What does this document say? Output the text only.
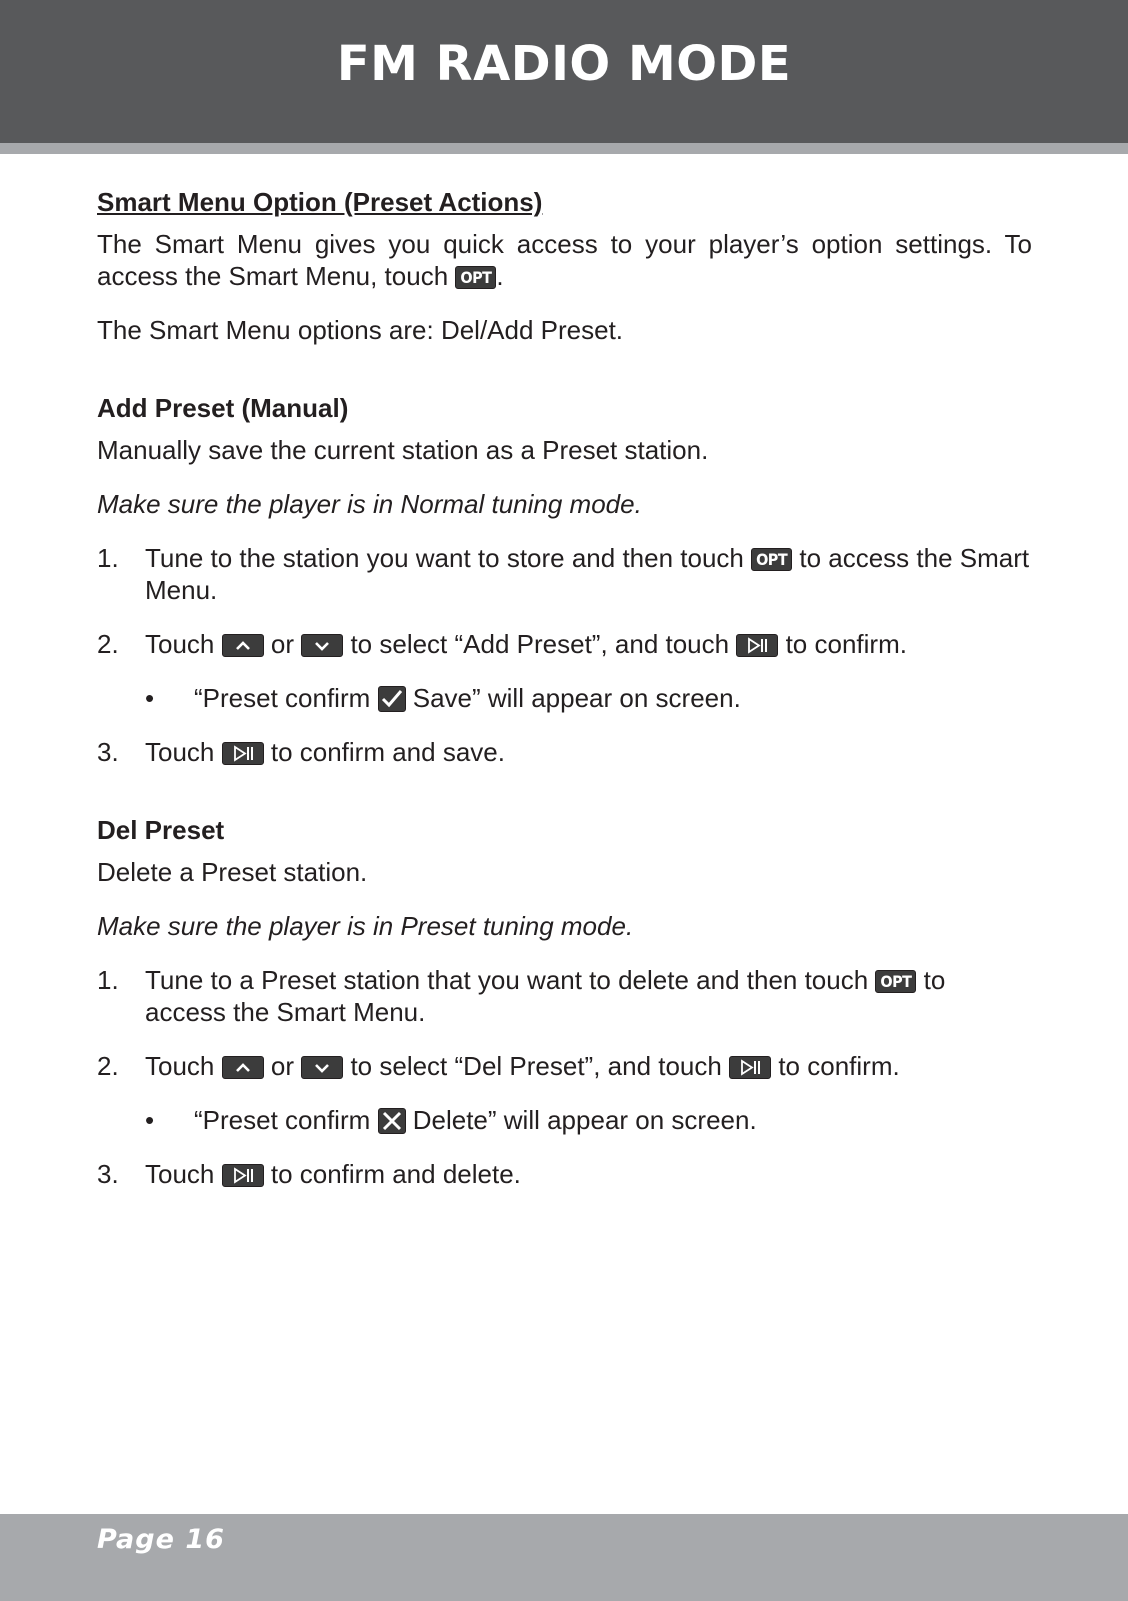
FM RADIO MODE
Smart Menu Option (Preset Actions)

The Smart Menu gives you quick access to your player’s option settings. To access the Smart Menu, touch OPT .

The Smart Menu options are: Del/Add Preset.

Add Preset (Manual)

Manually save the current station as a Preset station.

Make sure the player is in Normal tuning mode.

1. Tune to the station you want to store and then touch OPT to access the Smart Menu.
2. Touch or to select “Add Preset”, and touch to confirm.
• “Preset confirm Save” will appear on screen.
3. Touch to confirm and save.
Del Preset

Delete a Preset station.

Make sure the player is in Preset tuning mode.

1. Tune to a Preset station that you want to delete and then touch OPT to access the Smart Menu.
2. Touch or to select “Del Preset”, and touch to confirm.
• “Preset confirm Delete” will appear on screen.
3. Touch to confirm and delete.
Page 16
